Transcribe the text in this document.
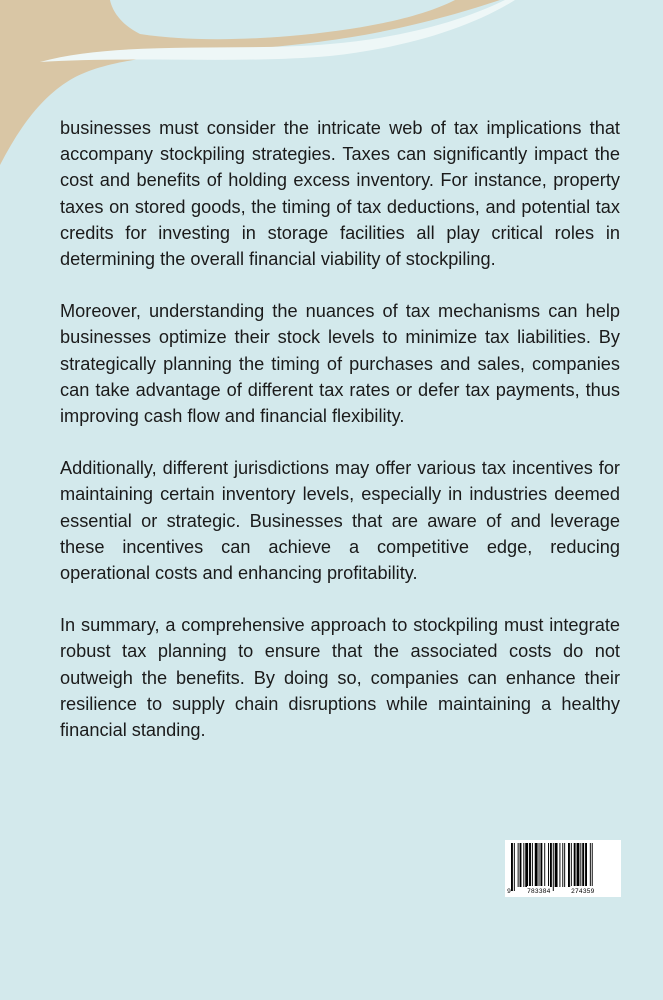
businesses must consider the intricate web of tax implications that accompany stockpiling strategies. Taxes can significantly impact the cost and benefits of holding excess inventory. For instance, property taxes on stored goods, the timing of tax deductions, and potential tax credits for investing in storage facilities all play critical roles in determining the overall financial viability of stockpiling.

Moreover, understanding the nuances of tax mechanisms can help businesses optimize their stock levels to minimize tax liabilities. By strategically planning the timing of purchases and sales, companies can take advantage of different tax rates or defer tax payments, thus improving cash flow and financial flexibility.

Additionally, different jurisdictions may offer various tax incentives for maintaining certain inventory levels, especially in industries deemed essential or strategic. Businesses that are aware of and leverage these incentives can achieve a competitive edge, reducing operational costs and enhancing profitability.

In summary, a comprehensive approach to stockpiling must integrate robust tax planning to ensure that the associated costs do not outweigh the benefits. By doing so, companies can enhance their resilience to supply chain disruptions while maintaining a healthy financial standing.

9 783384	274359
